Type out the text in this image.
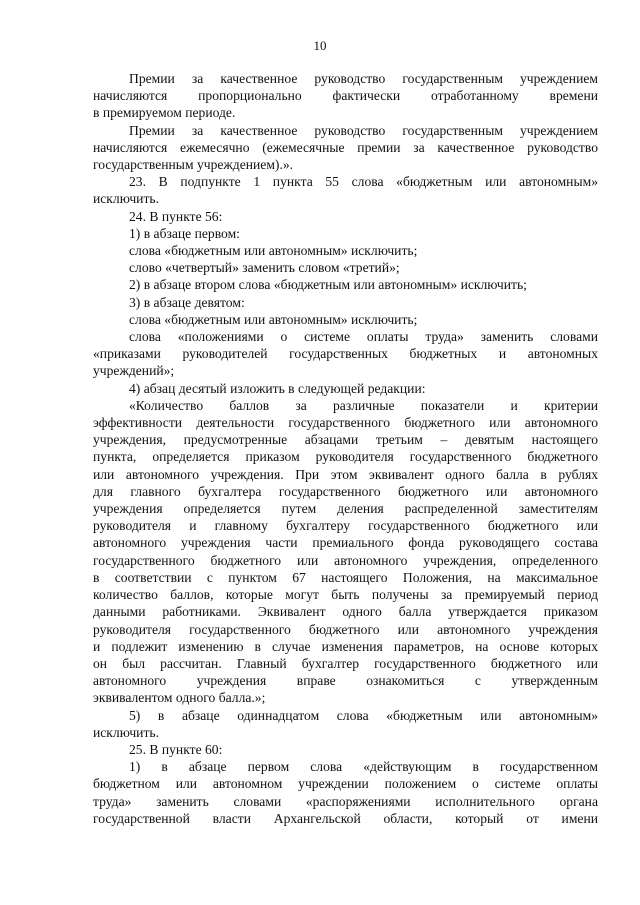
10
Премии за качественное руководство государственным учреждением
начисляются пропорционально фактически отработанному времени
в премируемом периоде.
Премии за качественное руководство государственным учреждением
начисляются ежемесячно (ежемесячные премии за качественное руководство
государственным учреждением).».
23. В подпункте 1 пункта 55 слова «бюджетным или автономным»
исключить.
24. В пункте 56:
1) в абзаце первом:
слова «бюджетным или автономным» исключить;
слово «четвертый» заменить словом «третий»;
2) в абзаце втором слова «бюджетным или автономным» исключить;
3) в абзаце девятом:
слова «бюджетным или автономным» исключить;
слова «положениями о системе оплаты труда» заменить словами
«приказами руководителей государственных бюджетных и автономных
учреждений»;
4) абзац десятый изложить в следующей редакции:
«Количество баллов за различные показатели и критерии
эффективности деятельности государственного бюджетного или автономного
учреждения, предусмотренные абзацами третьим – девятым настоящего
пункта, определяется приказом руководителя государственного бюджетного
или автономного учреждения. При этом эквивалент одного балла в рублях
для главного бухгалтера государственного бюджетного или автономного
учреждения определяется путем деления распределенной заместителям
руководителя и главному бухгалтеру государственного бюджетного или
автономного учреждения части премиального фонда руководящего состава
государственного бюджетного или автономного учреждения, определенного
в соответствии с пунктом 67 настоящего Положения, на максимальное
количество баллов, которые могут быть получены за премируемый период
данными работниками. Эквивалент одного балла утверждается приказом
руководителя государственного бюджетного или автономного учреждения
и подлежит изменению в случае изменения параметров, на основе которых
он был рассчитан. Главный бухгалтер государственного бюджетного или
автономного учреждения вправе ознакомиться с утвержденным
эквивалентом одного балла.»;
5) в абзаце одиннадцатом слова «бюджетным или автономным»
исключить.
25. В пункте 60:
1) в абзаце первом слова «действующим в государственном
бюджетном или автономном учреждении положением о системе оплаты
труда» заменить словами «распоряжениями исполнительного органа
государственной власти Архангельской области, который от имени
